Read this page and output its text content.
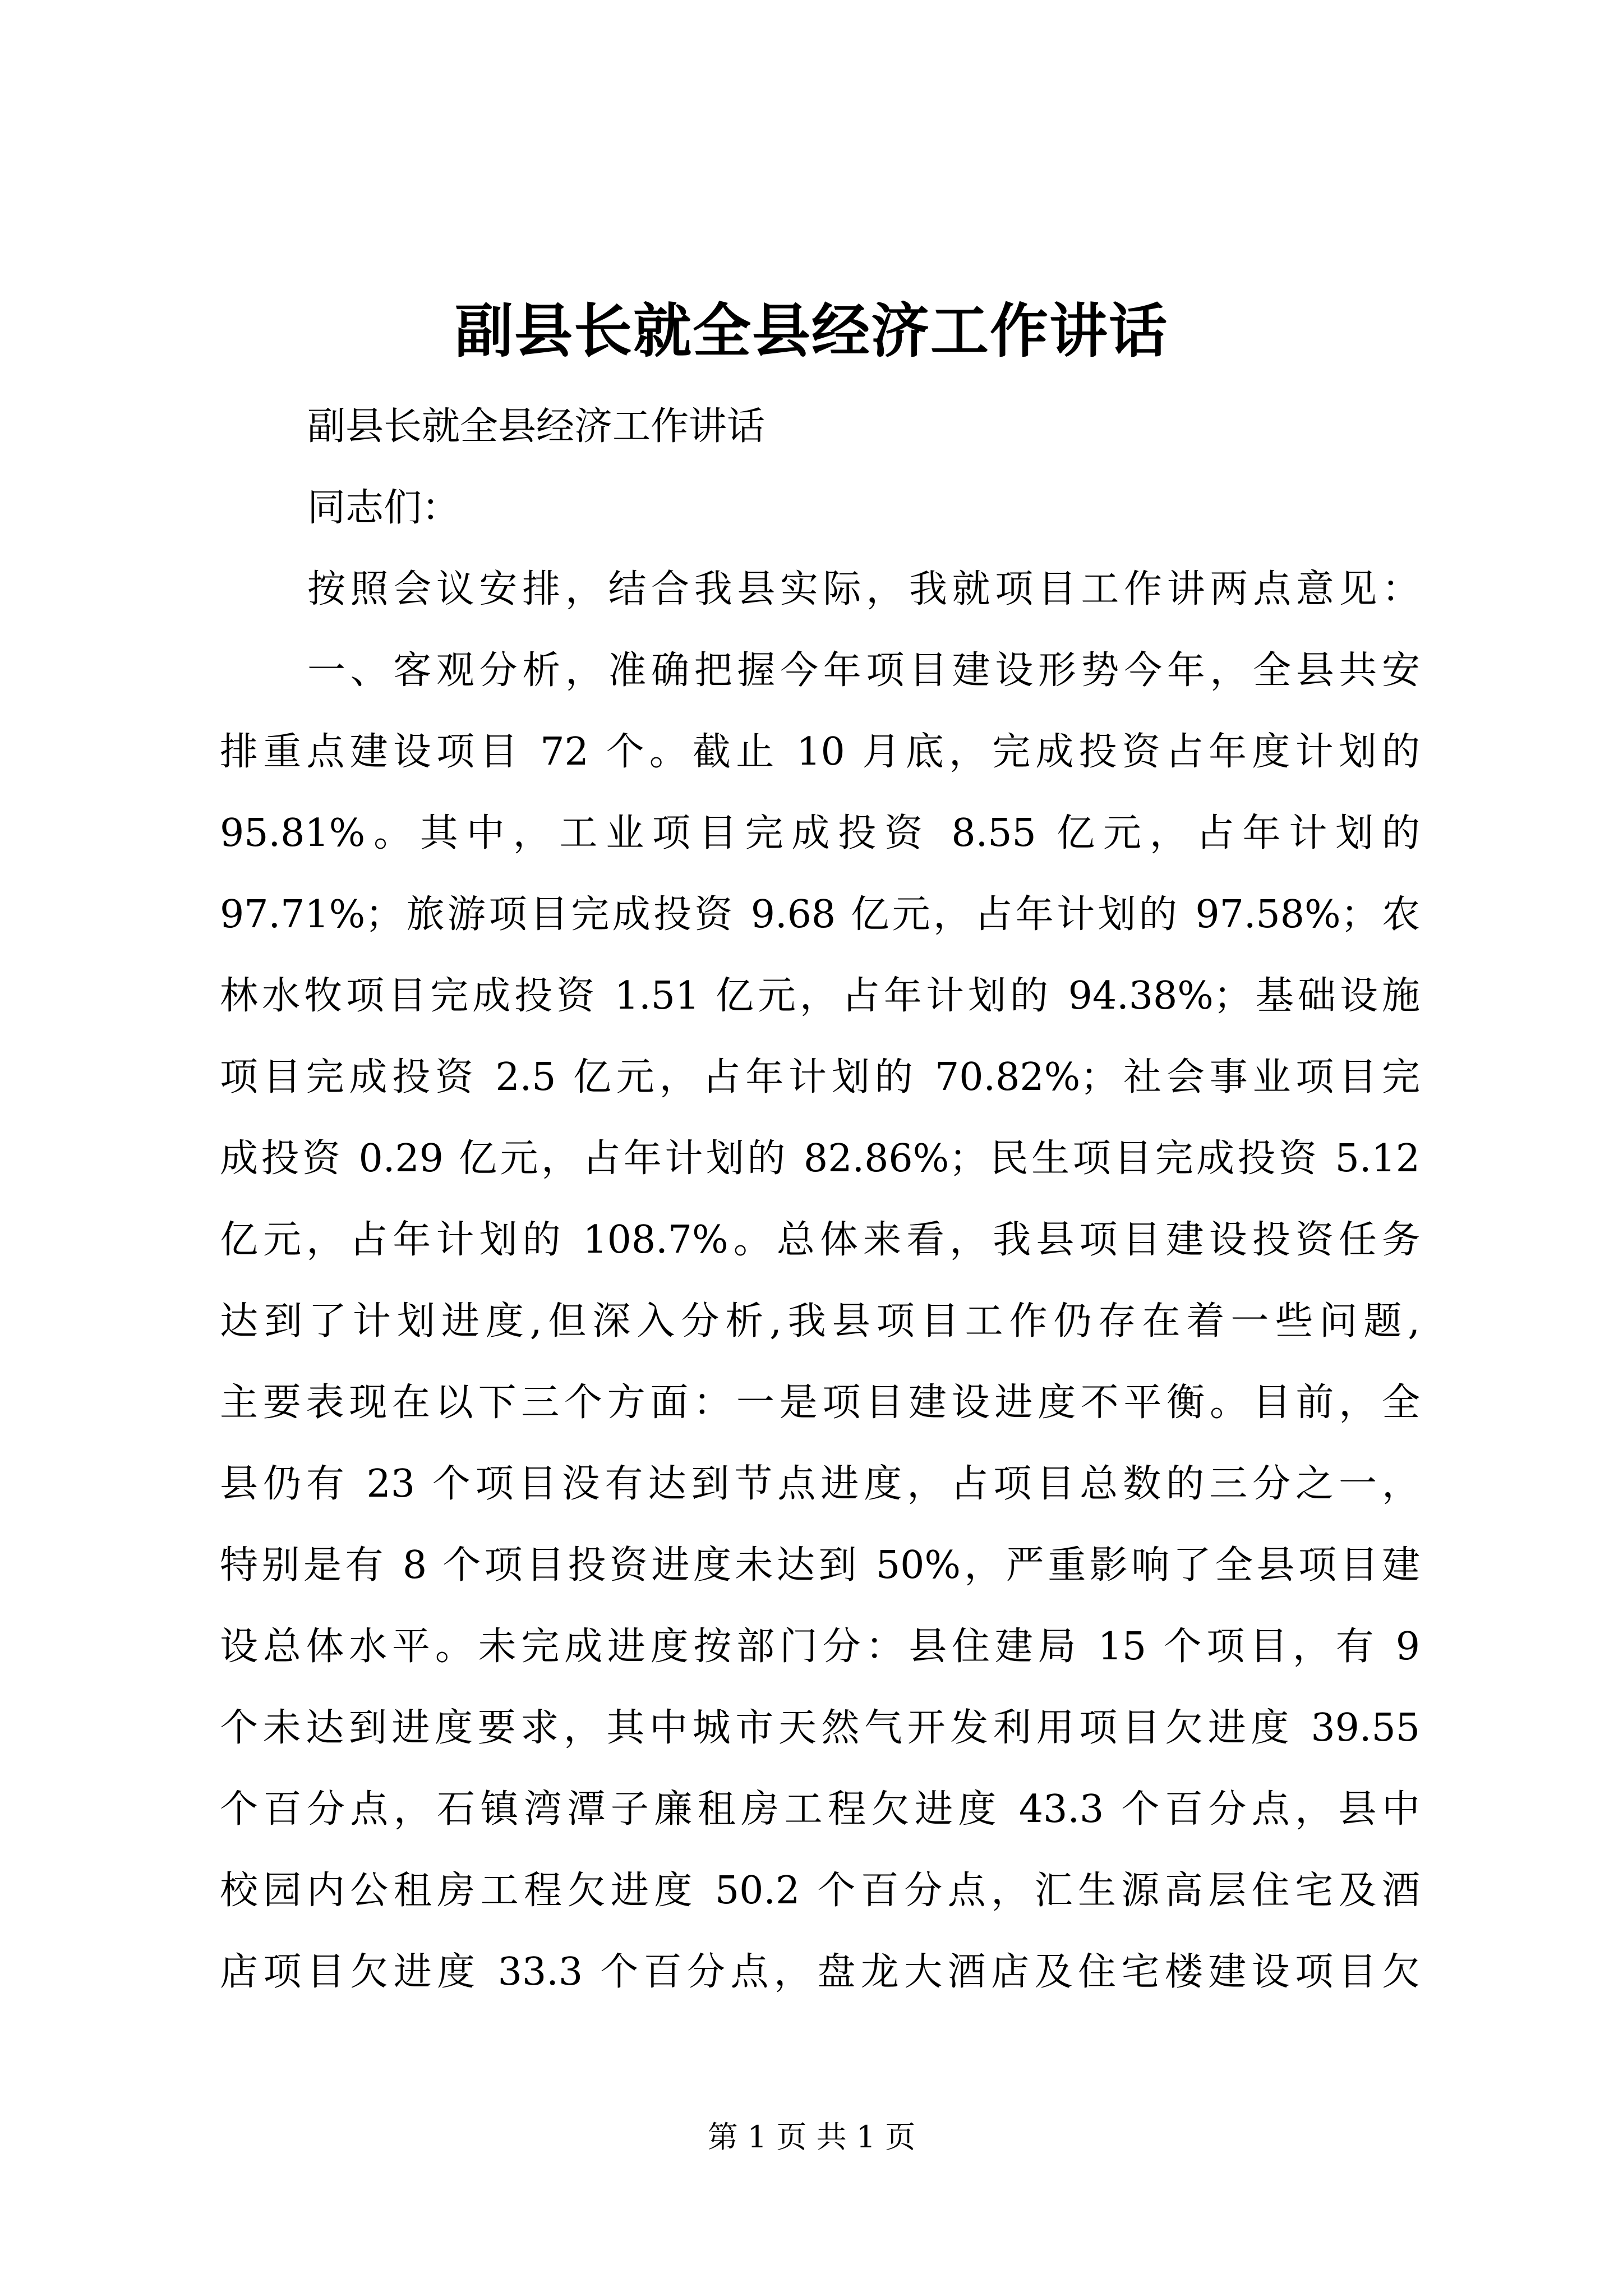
副县长就全县经济工作讲话
副县长就全县经济工作讲话
同志们：
按照会议安排，结合我县实际，我就项目工作讲两点意见：
一、客观分析，准确把握今年项目建设形势今年，全县共安
排重点建设项目 72 个。截止 10 月底，完成投资占年度计划的
95.81%。其中，工业项目完成投资 8.55 亿元，占年计划的
97.71%；旅游项目完成投资 9.68 亿元，占年计划的 97.58%；农
林水牧项目完成投资 1.51 亿元，占年计划的 94.38%；基础设施
项目完成投资 2.5 亿元，占年计划的 70.82%；社会事业项目完
成投资 0.29 亿元，占年计划的 82.86%；民生项目完成投资 5.12
亿元，占年计划的 108.7%。总体来看，我县项目建设投资任务
达到了计划进度,但深入分析,我县项目工作仍存在着一些问题,
主要表现在以下三个方面：一是项目建设进度不平衡。目前，全
县仍有 23 个项目没有达到节点进度，占项目总数的三分之一，
特别是有 8 个项目投资进度未达到 50%，严重影响了全县项目建
设总体水平。未完成进度按部门分：县住建局 15 个项目，有 9
个未达到进度要求，其中城市天然气开发利用项目欠进度 39.55
个百分点，石镇湾潭子廉租房工程欠进度 43.3 个百分点，县中
校园内公租房工程欠进度 50.2 个百分点，汇生源高层住宅及酒
店项目欠进度 33.3 个百分点，盘龙大酒店及住宅楼建设项目欠
第 1 页 共 1 页
